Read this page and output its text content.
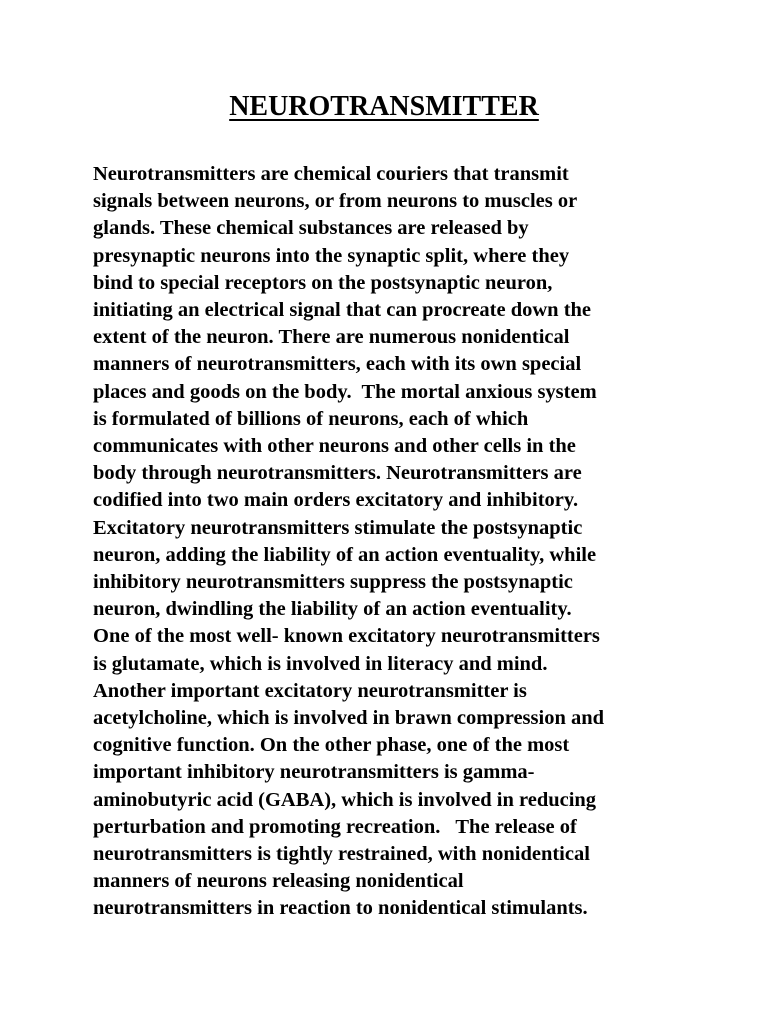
NEUROTRANSMITTER
Neurotransmitters are chemical couriers that transmit
signals between neurons, or from neurons to muscles or
glands. These chemical substances are released by
presynaptic neurons into the synaptic split, where they
bind to special receptors on the postsynaptic neuron,
initiating an electrical signal that can procreate down the
extent of the neuron. There are numerous nonidentical
manners of neurotransmitters, each with its own special
places and goods on the body.  The mortal anxious system
is formulated of billions of neurons, each of which
communicates with other neurons and other cells in the
body through neurotransmitters. Neurotransmitters are
codified into two main orders excitatory and inhibitory.
Excitatory neurotransmitters stimulate the postsynaptic
neuron, adding the liability of an action eventuality, while
inhibitory neurotransmitters suppress the postsynaptic
neuron, dwindling the liability of an action eventuality.
One of the most well- known excitatory neurotransmitters
is glutamate, which is involved in literacy and mind.
Another important excitatory neurotransmitter is
acetylcholine, which is involved in brawn compression and
cognitive function. On the other phase, one of the most
important inhibitory neurotransmitters is gamma-
aminobutyric acid (GABA), which is involved in reducing
perturbation and promoting recreation.   The release of
neurotransmitters is tightly restrained, with nonidentical
manners of neurons releasing nonidentical
neurotransmitters in reaction to nonidentical stimulants.
